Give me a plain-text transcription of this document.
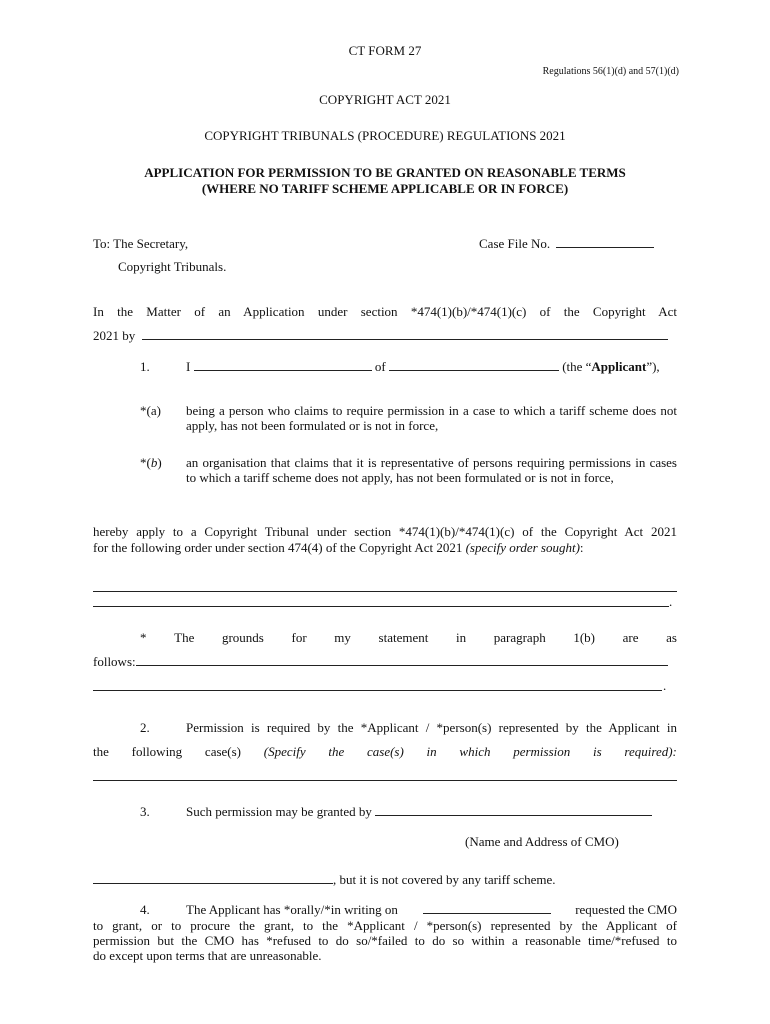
CT FORM 27
Regulations 56(1)(d) and 57(1)(d)
COPYRIGHT ACT 2021
COPYRIGHT TRIBUNALS (PROCEDURE) REGULATIONS 2021
APPLICATION FOR PERMISSION TO BE GRANTED ON REASONABLE TERMS
(WHERE NO TARIFF SCHEME APPLICABLE OR IN FORCE)
To: The Secretary,
Copyright Tribunals.
Case File No.
In the Matter of an Application under section *474(1)(b)/*474(1)(c) of the Copyright Act
2021 by
1.	I	of	(the “Applicant”),
*(a) being a person who claims to require permission in a case to which a tariff scheme does not apply, has not been formulated or is not in force,
*(b) an organisation that claims that it is representative of persons requiring permissions in cases to which a tariff scheme does not apply, has not been formulated or is not in force,
hereby apply to a Copyright Tribunal under section *474(1)(b)/*474(1)(c) of the Copyright Act 2021
for the following order under section 474(4) of the Copyright Act 2021 (specify order sought):
.
* The grounds for my statement in paragraph 1(b) are as
follows:
.
2.	Permission is required by the *Applicant / *person(s) represented by the Applicant in
the following case(s) (Specify the case(s) in which permission is required):
3.	Such permission may be granted by
(Name and Address of CMO)
, but it is not covered by any tariff scheme.
4.	The Applicant has *orally/*in writing on	requested the CMO
to grant, or to procure the grant, to the *Applicant / *person(s) represented by the Applicant of
permission but the CMO has *refused to do so/*failed to do so within a reasonable time/*refused to
do except upon terms that are unreasonable.
